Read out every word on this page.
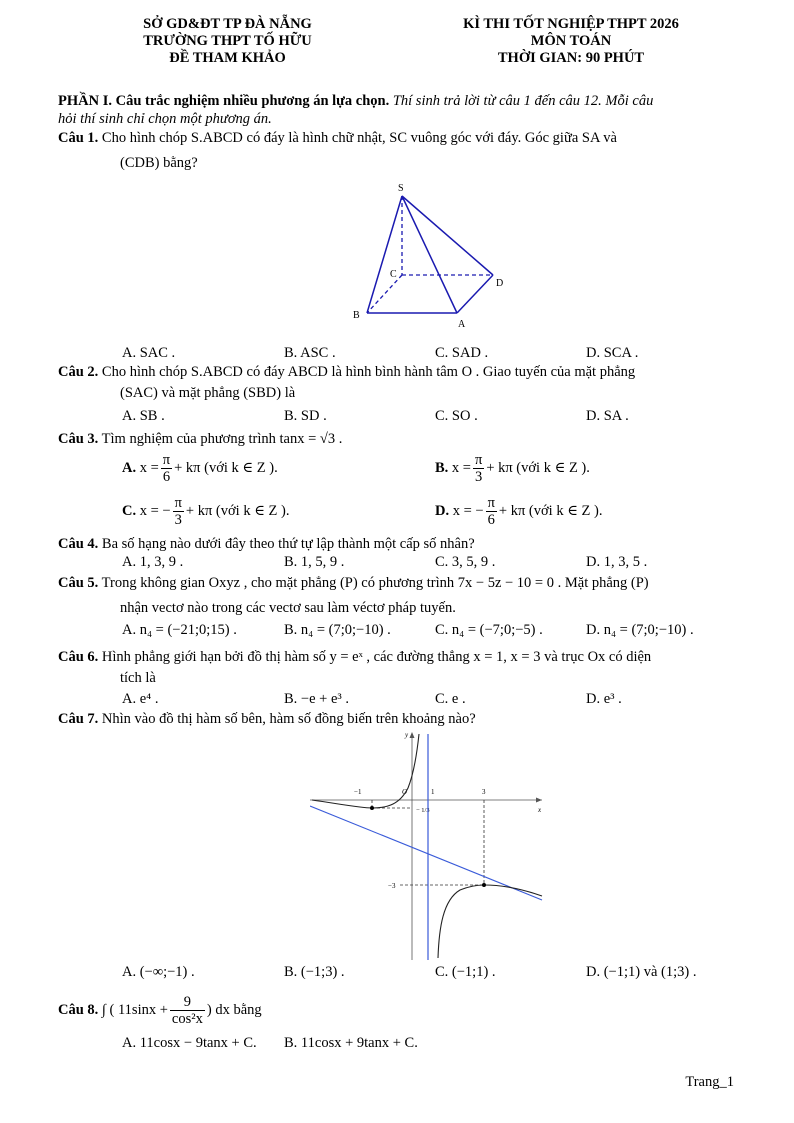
SỞ GD&ĐT TP ĐÀ NẴNG
TRƯỜNG THPT TỐ HỮU
ĐỀ THAM KHẢO
KÌ THI TỐT NGHIỆP THPT 2026
MÔN TOÁN
THỜI GIAN: 90 PHÚT
PHẦN I. Câu trắc nghiệm nhiều phương án lựa chọn. Thí sinh trả lời từ câu 1 đến câu 12. Mỗi câu
hỏi thí sinh chỉ chọn một phương án.
Câu 1. Cho hình chóp S.ABCD có đáy là hình chữ nhật, SC vuông góc với đáy. Góc giữa SA và
(CDB) bằng?
S
C
D
B
A
A. SAC .	B. ASC .	C. SAD .	D. SCA .
Câu 2. Cho hình chóp S.ABCD có đáy ABCD là hình bình hành tâm O . Giao tuyến của mặt phẳng
(SAC) và mặt phẳng (SBD) là
A. SB .	B. SD .	C. SO .	D. SA .
Câu 3. Tìm nghiệm của phương trình tanx = √3 .
A. $x = \frac{\pi}{6} + k\pi$ (với k ∈ Z ).	B. $x = \frac{\pi}{3} + k\pi$ (với k ∈ Z ).
C. x = − $\frac{\pi}{3} + k\pi$ (với k ∈ Z ).	D. x = − $\frac{\pi}{6} + k\pi$ (với k ∈ Z ).
Câu 4. Ba số hạng nào dưới đây theo thứ tự lập thành một cấp số nhân?
A. 1, 3, 9 .	B. 1, 5, 9 .	C. 3, 5, 9 .	D. 1, 3, 5 .
Câu 5. Trong không gian Oxyz , cho mặt phẳng (P) có phương trình 7x − 5z − 10 = 0 . Mặt phẳng (P)
nhận vectơ nào trong các vectơ sau làm véctơ pháp tuyến.
A. n₄ = (−21;0;15) .	B. n₄ = (7;0;−10) .	C. n₄ = (−7;0;−5) .	D. n₄ = (7;0;−10) .
Câu 6. Hình phẳng giới hạn bởi đồ thị hàm số y = eˣ , các đường thẳng x = 1, x = 3 và trục Ox có diện
tích là
A. e⁴ .	B. −e + e³ .	C. e .	D. e³ .
Câu 7. Nhìn vào đồ thị hàm số bên, hàm số đồng biến trên khoảng nào?
y
x
O
−1	1	3
−3
− 1/3
A. (−∞;−1) .	B. (−1;3) .	C. (−1;1) .	D. (−1;1) và (1;3) .
Câu 8. ∫ ( $11\sin x + \frac{9}{\text{cos²x}}$ ) dx bằng
A. 11cosx − 9tanx + C. B. 11cosx + 9tanx + C.
Trang_1
